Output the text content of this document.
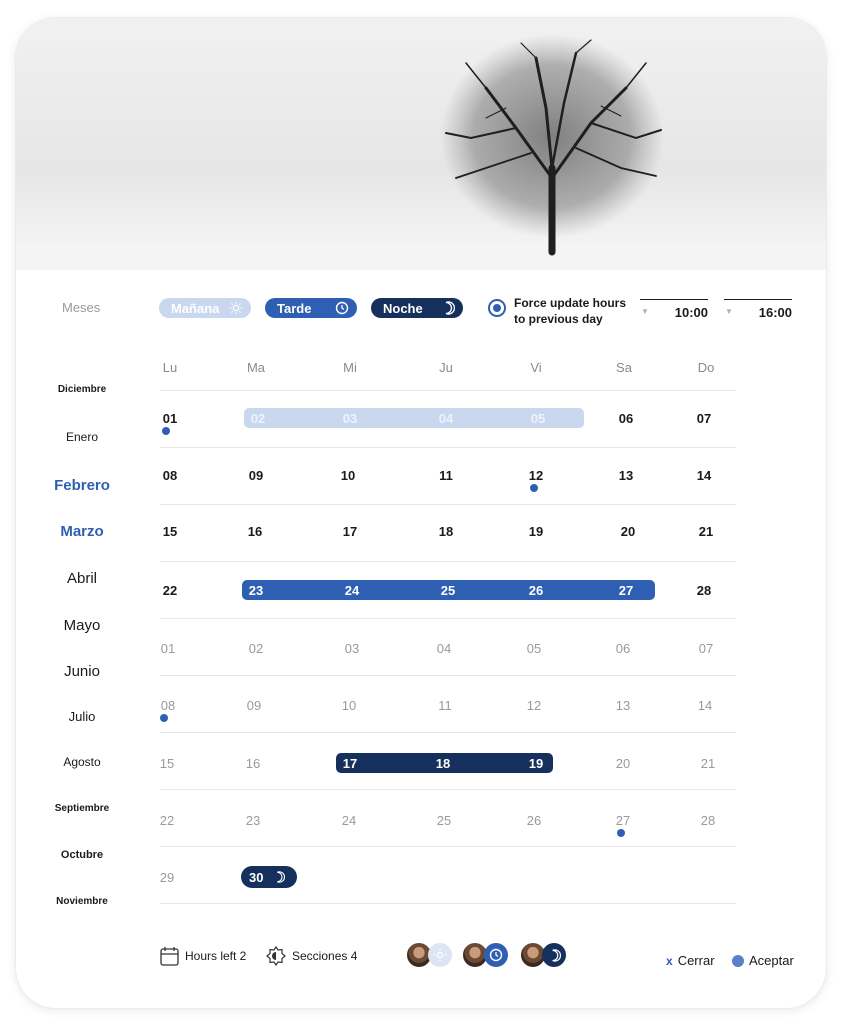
Meses	Mañana	Tarde	Noche	Force update hours
to previous day
▼	10:00 ▼	16:00
Lu	Ma	Mi	Ju	Vi	Sa	Do
Diciembre
Enero
Febrero
Marzo
Abril
Mayo
Junio
Julio
Agosto
Septiembre
Octubre
Noviembre
01	02	03	04	05	06	07
08	09	10	11	12	13	14
15	16	17	18	19	20	21
22	23	24	25	26	27	28
01	02	03	04	05	06	07
08	09	10	11	12	13	14
15	16	17	18	19	20	21
22	23	24	25	26	27	28
29	30
Hours left 2	Secciones 4	x Cerrar	Aceptar
